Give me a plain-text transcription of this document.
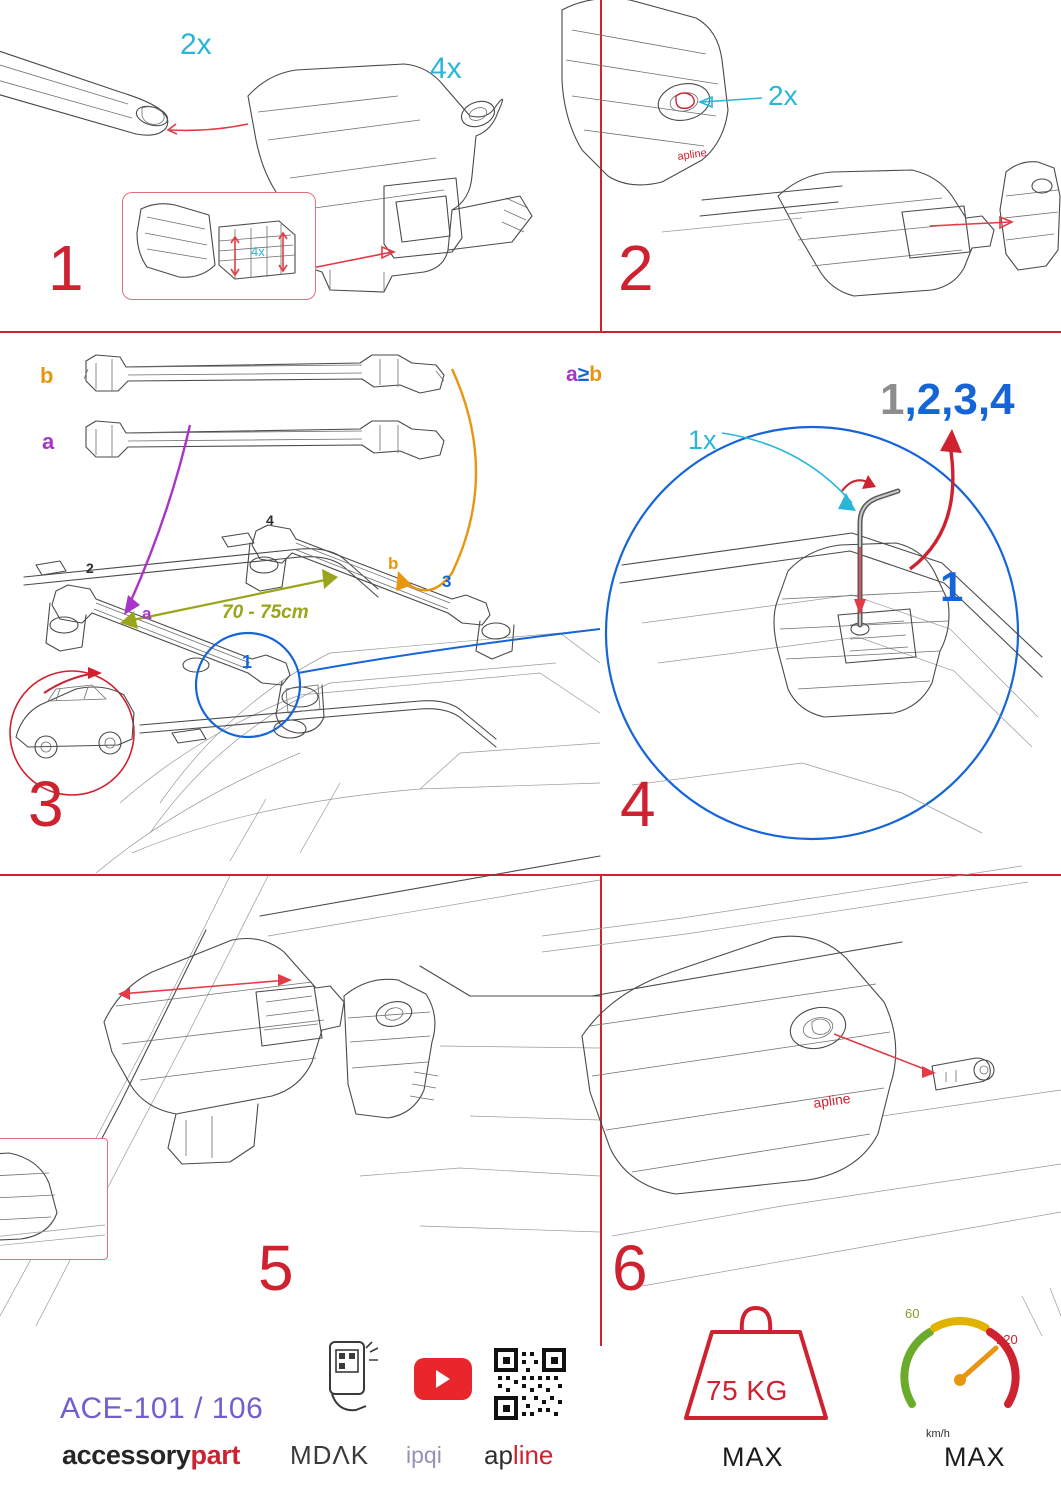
4x
2x
4x
1
apline
2x
2
b
a
a
b
1
2
3
4
70 - 75cm
3
1x
1,2,3,4
1
a≥b
4
5
apline
6
ACE-101 / 106
accessorypart MDΛK ipqi apline
75 KG
MAX
60
120
km/h
MAX
